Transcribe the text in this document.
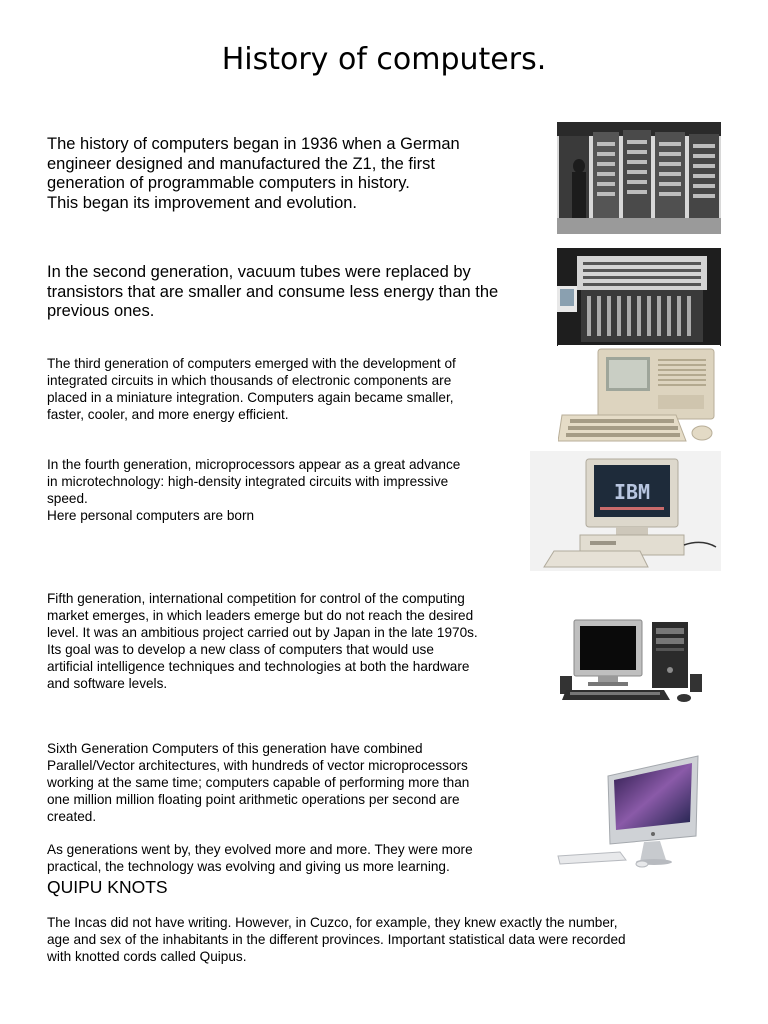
History of computers.

The history of computers began in 1936 when a German
engineer designed and manufactured the Z1, the first
generation of programmable computers in history.
This began its improvement and evolution.

In the second generation, vacuum tubes were replaced by
transistors that are smaller and consume less energy than the
previous ones.

The third generation of computers emerged with the development of
integrated circuits in which thousands of electronic components are
placed in a miniature integration. Computers again became smaller,
faster, cooler, and more energy efficient.

In the fourth generation, microprocessors appear as a great advance
in microtechnology: high-density integrated circuits with impressive
speed.
Here personal computers are born

IBM

Fifth generation, international competition for control of the computing
market emerges, in which leaders emerge but do not reach the desired
level. It was an ambitious project carried out by Japan in the late 1970s.
Its goal was to develop a new class of computers that would use
artificial intelligence techniques and technologies at both the hardware
and software levels.

Sixth Generation Computers of this generation have combined
Parallel/Vector architectures, with hundreds of vector microprocessors
working at the same time; computers capable of performing more than
one million million floating point arithmetic operations per second are
created.

As generations went by, they evolved more and more. They were more
practical, the technology was evolving and giving us more learning.

QUIPU KNOTS

The Incas did not have writing. However, in Cuzco, for example, they knew exactly the number,
age and sex of the inhabitants in the different provinces. Important statistical data were recorded
with knotted cords called Quipus.
